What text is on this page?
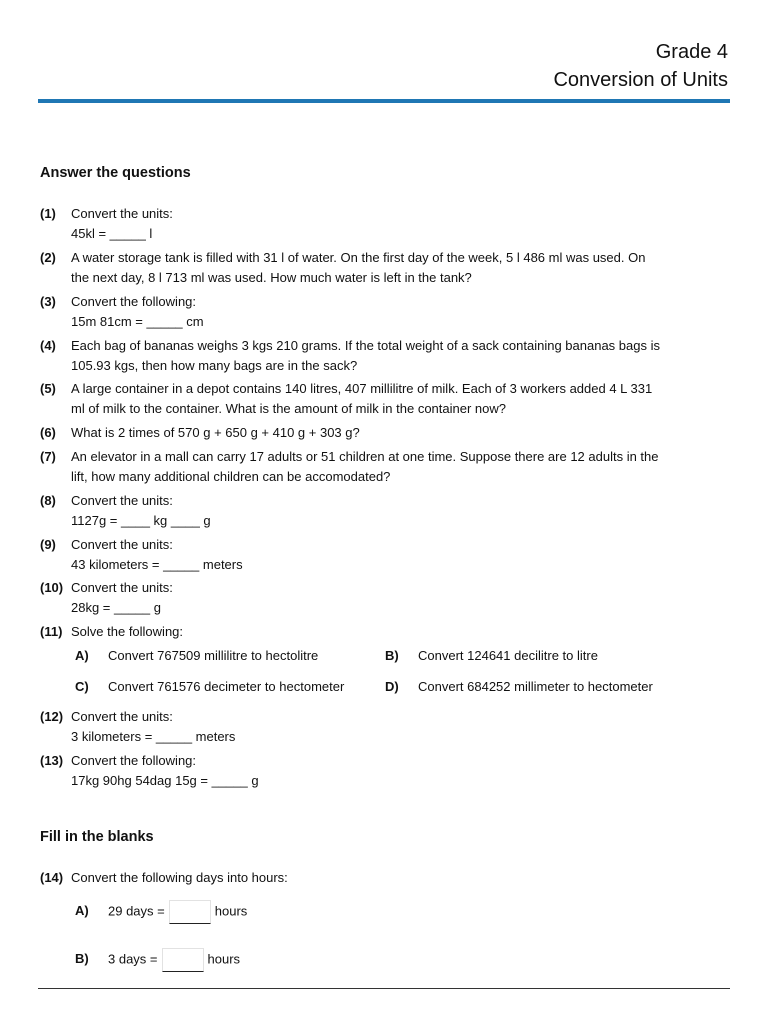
Grade 4
Conversion of Units
Answer the questions
(1) Convert the units:
45kl = _____ l
(2) A water storage tank is filled with 31 l of water. On the first day of the week, 5 l 486 ml was used. On
the next day, 8 l 713 ml was used. How much water is left in the tank?
(3) Convert the following:
15m 81cm = _____ cm
(4) Each bag of bananas weighs 3 kgs 210 grams. If the total weight of a sack containing bananas bags is
105.93 kgs, then how many bags are in the sack?
(5) A large container in a depot contains 140 litres, 407 millilitre of milk. Each of 3 workers added 4 L 331
ml of milk to the container. What is the amount of milk in the container now?
(6) What is 2 times of 570 g + 650 g + 410 g + 303 g?
(7) An elevator in a mall can carry 17 adults or 51 children at one time. Suppose there are 12 adults in the
lift, how many additional children can be accomodated?
(8) Convert the units:
1127g = ____ kg ____ g
(9) Convert the units:
43 kilometers = _____ meters
(10) Convert the units:
28kg = _____ g
(11) Solve the following:
A) Convert 767509 millilitre to hectolitre	B) Convert 124641 decilitre to litre
C) Convert 761576 decimeter to hectometer	D) Convert 684252 millimeter to hectometer
(12) Convert the units:
3 kilometers = _____ meters
(13) Convert the following:
17kg 90hg 54dag 15g = _____ g
Fill in the blanks
(14) Convert the following days into hours:
A) 29 days =	hours
B) 3 days =	hours
